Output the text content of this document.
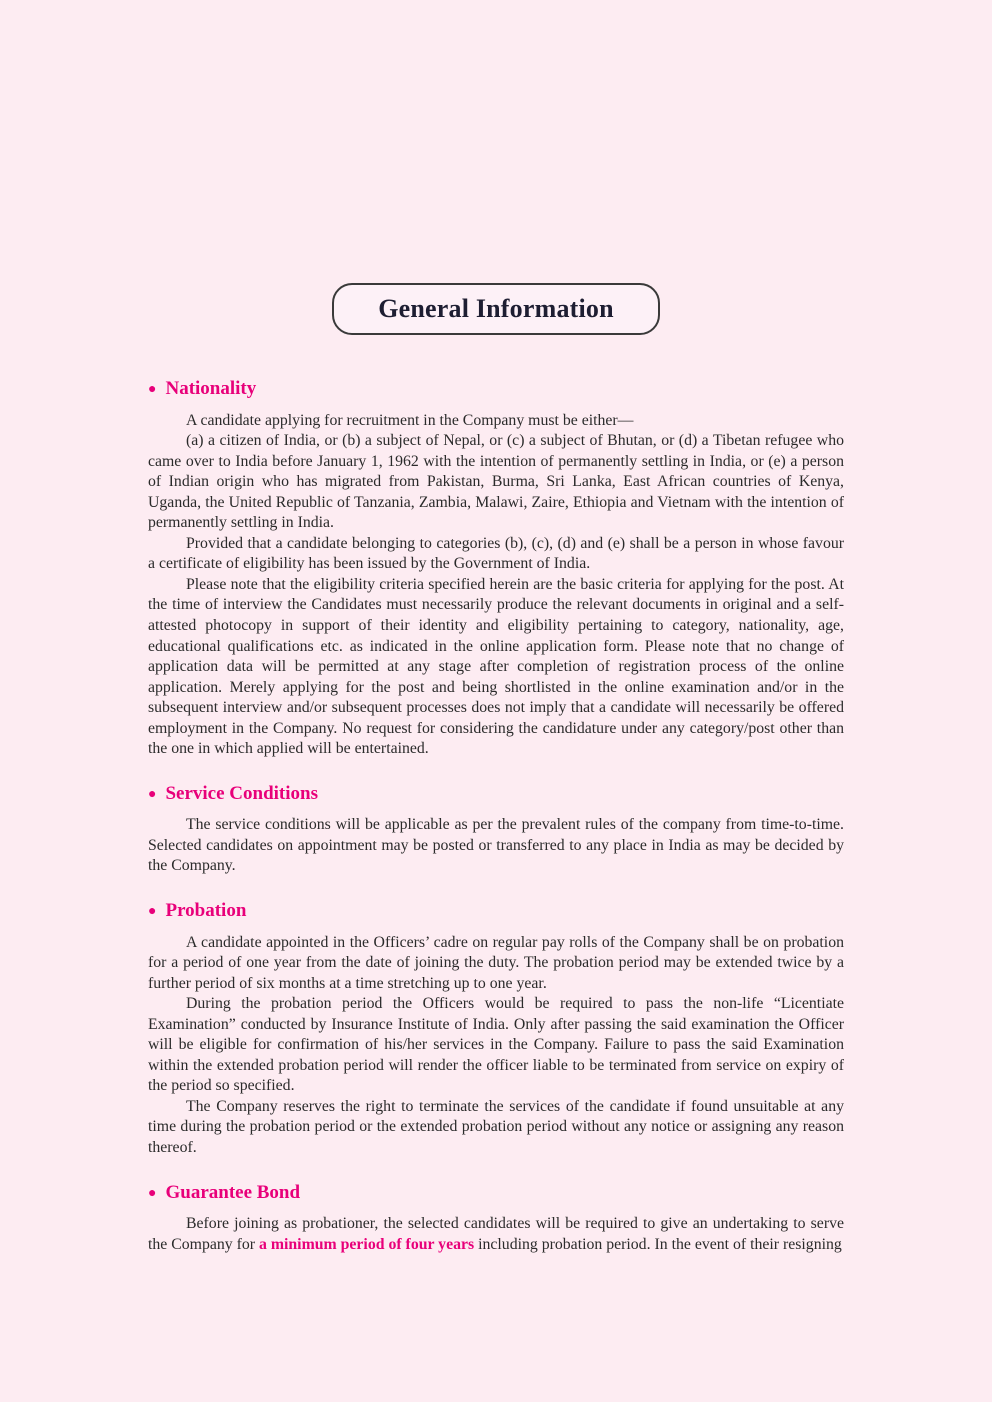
General Information
● Nationality

A candidate applying for recruitment in the Company must be either—

(a) a citizen of India, or (b) a subject of Nepal, or (c) a subject of Bhutan, or (d) a Tibetan refugee who came over to India before January 1, 1962 with the intention of permanently settling in India, or (e) a person of Indian origin who has migrated from Pakistan, Burma, Sri Lanka, East African countries of Kenya, Uganda, the United Republic of Tanzania, Zambia, Malawi, Zaire, Ethiopia and Vietnam with the intention of permanently settling in India.

Provided that a candidate belonging to categories (b), (c), (d) and (e) shall be a person in whose favour a certificate of eligibility has been issued by the Government of India.

Please note that the eligibility criteria specified herein are the basic criteria for applying for the post. At the time of interview the Candidates must necessarily produce the relevant documents in original and a self-attested photocopy in support of their identity and eligibility pertaining to category, nationality, age, educational qualifications etc. as indicated in the online application form. Please note that no change of application data will be permitted at any stage after completion of registration process of the online application. Merely applying for the post and being shortlisted in the online examination and/or in the subsequent interview and/or subsequent processes does not imply that a candidate will necessarily be offered employment in the Company. No request for considering the candidature under any category/post other than the one in which applied will be entertained.

● Service Conditions

The service conditions will be applicable as per the prevalent rules of the company from time-to-time. Selected candidates on appointment may be posted or transferred to any place in India as may be decided by the Company.

● Probation

A candidate appointed in the Officers’ cadre on regular pay rolls of the Company shall be on probation for a period of one year from the date of joining the duty. The probation period may be extended twice by a further period of six months at a time stretching up to one year.

During the probation period the Officers would be required to pass the non-life “Licentiate Examination” conducted by Insurance Institute of India. Only after passing the said examination the Officer will be eligible for confirmation of his/her services in the Company. Failure to pass the said Examination within the extended probation period will render the officer liable to be terminated from service on expiry of the period so specified.

The Company reserves the right to terminate the services of the candidate if found unsuitable at any time during the probation period or the extended probation period without any notice or assigning any reason thereof.

● Guarantee Bond

Before joining as probationer, the selected candidates will be required to give an undertaking to serve the Company for a minimum period of four years including probation period. In the event of their resigning
